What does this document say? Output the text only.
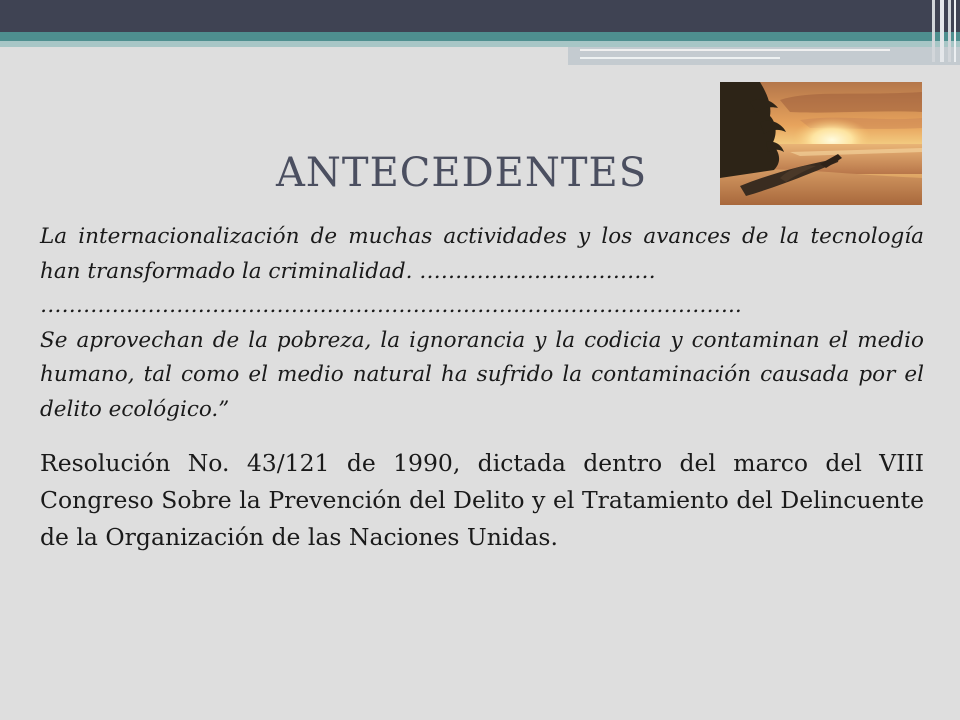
ANTECEDENTES

La internacionalización de muchas actividades y los avances de la tecnología han transformado la criminalidad. ……………………………
……………………………………………………………………………………..
Se aprovechan de la pobreza, la ignorancia y la codicia y contaminan el medio humano, tal como el medio natural ha sufrido la contaminación causada por el delito ecológico.”

Resolución No. 43/121 de 1990, dictada dentro del marco del VIII Congreso Sobre la Prevención del Delito y el Tratamiento del Delincuente de la Organización de las Naciones Unidas.
